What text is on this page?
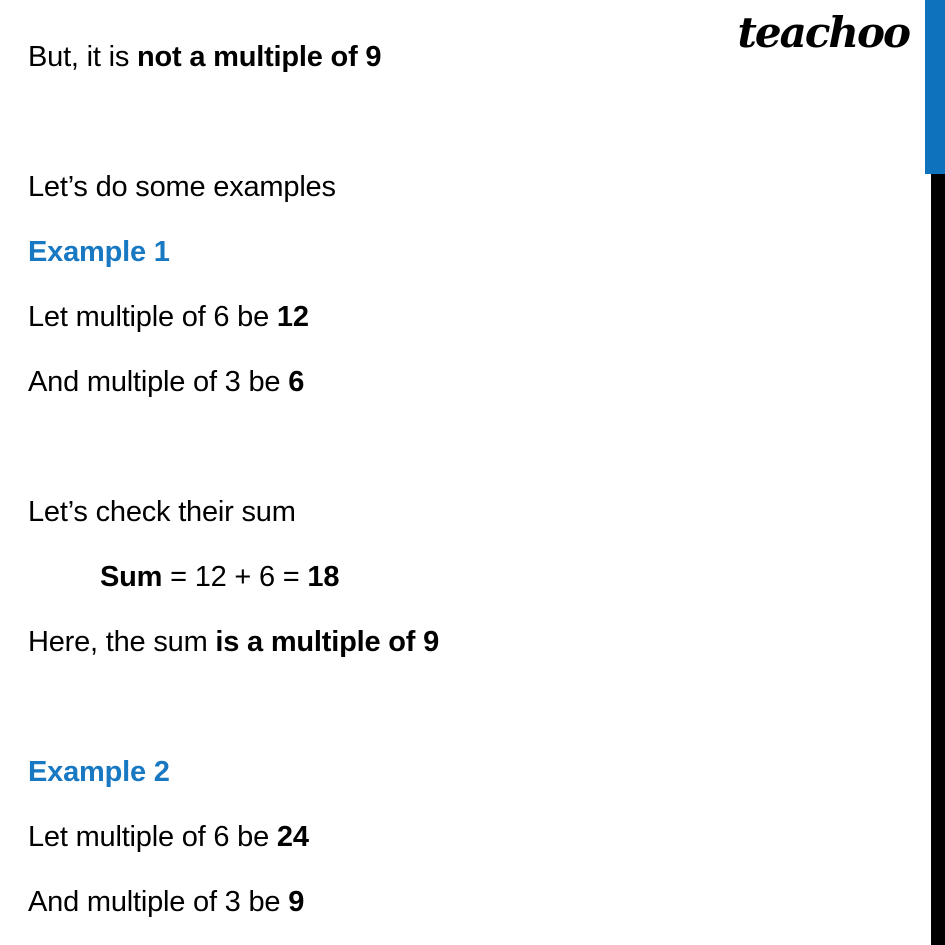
teachoo

But, it is not a multiple of 9

Let’s do some examples

Example 1

Let multiple of 6 be 12

And multiple of 3 be 6

Let’s check their sum

Sum = 12 + 6 = 18

Here, the sum is a multiple of 9

Example 2

Let multiple of 6 be 24

And multiple of 3 be 9
